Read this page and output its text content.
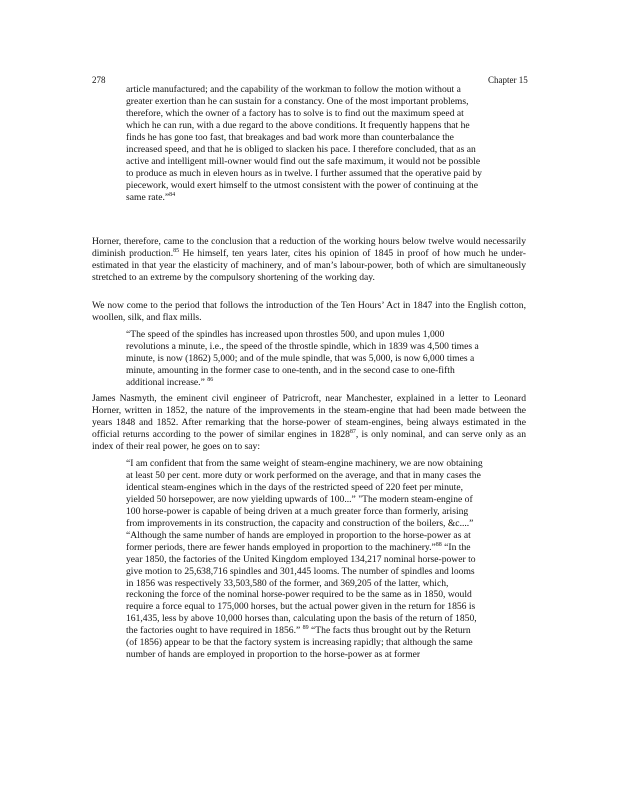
278	Chapter 15

article manufactured; and the capability of the workman to follow the motion without a greater exertion than he can sustain for a constancy. One of the most important problems, therefore, which the owner of a factory has to solve is to find out the maximum speed at which he can run, with a due regard to the above conditions. It frequently happens that he finds he has gone too fast, that breakages and bad work more than counterbalance the increased speed, and that he is obliged to slacken his pace. I therefore concluded, that as an active and intelligent mill-owner would find out the safe maximum, it would not be possible to produce as much in eleven hours as in twelve. I further assumed that the operative paid by piecework, would exert himself to the utmost consistent with the power of continuing at the same rate.”$^{84}$

Horner, therefore, came to the conclusion that a reduction of the working hours below twelve would necessarily diminish production.$^{85}$ He himself, ten years later, cites his opinion of 1845 in proof of how much he under-estimated in that year the elasticity of machinery, and of man’s labour-power, both of which are simultaneously stretched to an extreme by the compulsory shortening of the working day.

We now come to the period that follows the introduction of the Ten Hours’ Act in 1847 into the English cotton, woollen, silk, and flax mills.

“The speed of the spindles has increased upon throstles 500, and upon mules 1,000 revolutions a minute, i.e., the speed of the throstle spindle, which in 1839 was 4,500 times a minute, is now (1862) 5,000; and of the mule spindle, that was 5,000, is now 6,000 times a minute, amounting in the former case to one-tenth, and in the second case to one-fifth additional increase.” $^{86}$

James Nasmyth, the eminent civil engineer of Patricroft, near Manchester, explained in a letter to Leonard Horner, written in 1852, the nature of the improvements in the steam-engine that had been made between the years 1848 and 1852. After remarking that the horse-power of steam-engines, being always estimated in the official returns according to the power of similar engines in 1828$^{87}$, is only nominal, and can serve only as an index of their real power, he goes on to say:

“I am confident that from the same weight of steam-engine machinery, we are now obtaining at least 50 per cent. more duty or work performed on the average, and that in many cases the identical steam-engines which in the days of the restricted speed of 220 feet per minute, yielded 50 horsepower, are now yielding upwards of 100...” "The modern steam-engine of 100 horse-power is capable of being driven at a much greater force than formerly, arising from improvements in its construction, the capacity and construction of the boilers, &c....” “Although the same number of hands are employed in proportion to the horse-power as at former periods, there are fewer hands employed in proportion to the machinery.”$^{88}$ “In the year 1850, the factories of the United Kingdom employed 134,217 nominal horse-power to give motion to 25,638,716 spindles and 301,445 looms. The number of spindles and looms in 1856 was respectively 33,503,580 of the former, and 369,205 of the latter, which, reckoning the force of the nominal horse-power required to be the same as in 1850, would require a force equal to 175,000 horses, but the actual power given in the return for 1856 is 161,435, less by above 10,000 horses than, calculating upon the basis of the return of 1850, the factories ought to have required in 1856.” $^{89}$ “The facts thus brought out by the Return (of 1856) appear to be that the factory system is increasing rapidly; that although the same number of hands are employed in proportion to the horse-power as at former
